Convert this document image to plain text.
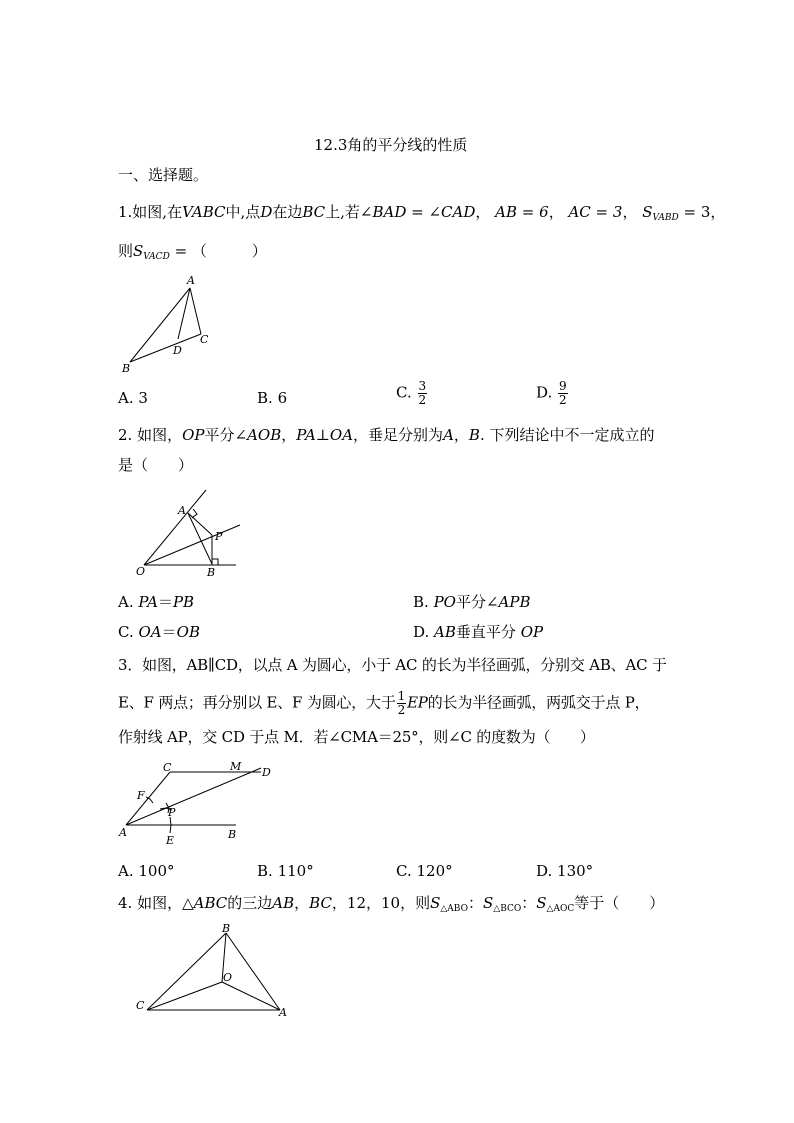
12.3角的平分线的性质
一、选择题。
1.如图,在VABC中,点D在边BC上,若∠BAD = ∠CAD， AB = 6， AC = 3， $S_{VABD} = 3$，
则$S_{VACD}$ = （　　　）
A
B
C
D
A. 3	B. 6	C. $\frac{3}{2}$	D. $\frac{9}{2}$
2. 如图，OP平分∠AOB，PA⊥OA，垂足分别为A，B. 下列结论中不一定成立的
是（　　）
A
P
O	B
A. PA＝PB	B. PO平分∠APB
C. OA＝OB	D. AB垂直平分 OP
3．如图，AB∥CD，以点 A 为圆心，小于 AC 的长为半径画弧，分别交 AB、AC 于
E、F 两点；再分别以 E、F 为圆心，大于 $\frac{1}{2}$ EP的长为半径画弧，两弧交于点 P，
作射线 AP，交 CD 于点 M．若∠CMA＝25°，则∠C 的度数为（　　）
C	M D
F
P
A
E	B
A. 100°	B. 110°	C. 120°	D. 130°
4. 如图，△ABC的三边AB，BC，12，10，则$S_{\triangle ABO}$：$S_{\triangle BCO}$：$S_{\triangle AOC}$等于（　　）
B
O
C
A
